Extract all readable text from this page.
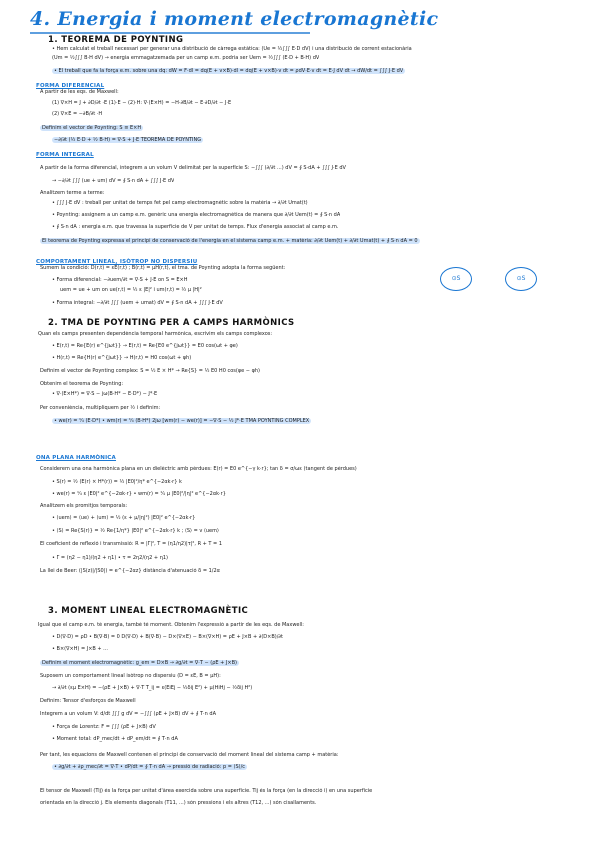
4. Energia i moment electromagnètic
1. TEOREMA DE POYNTING
• Hem calculat el treball necessari per generar una distribució de càrrega estàtica: (Ue = ½∫∫∫ E·D dV) i una distribució de corrent estacionària
(Um = ½∫∫∫ B·H dV) → energia emmagatzemada per un camp e.m. podria ser Uem = ½∫∫∫ (E·D + B·H) dV
• El treball que fa la força e.m. sobre una dq: dW = F·dl = dq(E + v×B)·dl = dq(E + v×B)·v dt = ρdV·E·v dt = E·J dV dt → dW/dt = ∫∫∫ J·E dV
A partir de les eqs. de Maxwell:
(1) ∇×H = J + ∂D/∂t ·E (1)·E − (2)·H: ∇·(E×H) = −H·∂B/∂t − E·∂D/∂t − J·E
(2) ∇×E = −∂B/∂t ·H
Definim el vector de Poynting: S ≡ E×H
−∂/∂t (½ E·D + ½ B·H) = ∇·S + J·E TEOREMA DE POYNTING
A partir de la forma diferencial, integrem a un volum V delimitat per la superfície S: −∫∫∫ (∂/∂t ...) dV = ∮ S·dA + ∫∫∫ J·E dV
→ −∂/∂t ∫∫∫ (ue + um) dV = ∮ S·n dA + ∫∫∫ J·E dV
Analitzem terme a terme:
• ∫∫∫ J·E dV : treball per unitat de temps fet pel camp electromagnètic sobre la matèria → ∂/∂t Umat(t)
• Poynting: assignem a un camp e.m. genèric una energia electromagnètica de manera que ∂/∂t Uem(t) = ∮ S·n dA
• ∮ S·n dA : energia e.m. que travessa la superfície de V per unitat de temps. Flux d'energia associat al camp e.m.
El teorema de Poynting expressa el principi de conservació de l'energia en el sistema camp e.m. + matèria: ∂/∂t Uem(t) + ∂/∂t Umat(t) + ∮ S·n dA = 0
Sumem la condició: D(r,t) = εE(r,t) ; B(r,t) = μH(r,t), el tma. de Poynting adopta la forma següent:
• Forma diferencial: −∂uem/∂t = ∇·S + J·E on S = E×H
uem = ue + um on ue(r,t) = ½ ε |E|² i um(r,t) = ½ μ |H|²
• Forma integral: −∂/∂t ∫∫∫ (uem + umat) dV = ∮ S·n dA + ∫∫∫ J·E dV
FORMA DIFERENCIAL
FORMA INTEGRAL
COMPORTAMENT LINEAL, ISÒTROP NO DISPERSIU
⊙S	⊙S
2. TMA DE POYNTING PER A CAMPS HARMÒNICS
Quan els camps presenten dependència temporal harmònica, escrivim els camps complexos:
• E(r,t) = Re{E(r) e^{jωt}} → E(r,t) = Re{E0 e^{jωt}} = E0 cos(ωt + φe)
• H(r,t) = Re{H(r) e^{jωt}} → H(r,t) = H0 cos(ωt + φh)
Definim el vector de Poynting complex: S = ½ E × H* → Re{S} = ½ E0 H0 cos(φe − φh)
Obtenim el teorema de Poynting:
• ∇·(E×H*) = ∇·S − jω(B·H* − E·D*) − J*·E
Per conveniència, multipliquem per ½ i definim:
• we(r) = ¼ (E·D*) • wm(r) = ¼ (B·H*) 2jω [wm(r) − we(r)] = −∇·S − ½ J*·E TMA POYNTING COMPLEX
Considerem una ona harmònica plana en un dielèctric amb pèrdues: E(r) = E0 e^{−γ k·r}; tan δ = σ/ωε (tangent de pèrdues)
• S(r) = ½ (E(r) × H*(r)) = ½ |E0|²/η* e^{−2αk·r} k
• we(r) = ¼ ε |E0|² e^{−2αk·r} • wm(r) = ¼ μ |E0|²/|η|² e^{−2αk·r}
Analitzem els promitjos temporals:
• ⟨uem⟩ = ⟨ue⟩ + ⟨um⟩ = ½ (ε + μ/|η|²) |E0|² e^{−2αk·r}
• ⟨S⟩ = Re{S(r)} = ½ Re{1/η*} |E0|² e^{−2αk·r} k ; ⟨S⟩ = v ⟨uem⟩
El coeficient de reflexió i transmissió: R = |Γ|², T = (η1/η2)|τ|², R + T = 1
• Γ = (η2 − η1)/(η2 + η1) • τ = 2η2/(η2 + η1)
La llei de Beer: (|S(z)|/|S0|) = e^{−2αz} distància d'atenuació δ = 1/2α
ONA PLANA HARMÒNICA
3. MOMENT LINEAL ELECTROMAGNÈTIC
Igual que el camp e.m. té energia, també té moment. Obtenim l'expressió a partir de les eqs. de Maxwell:
• D(∇·D) = ρD • B(∇·B) = 0 D(∇·D) + B(∇·B) − D×(∇×E) − B×(∇×H) = ρE + J×B + ∂(D×B)/∂t
• B×(∇×H) = J×B + ...
Definim el moment electromagnètic: g_em = D×B → ∂g/∂t = ∇·T − (ρE + J×B)
Suposem un comportament lineal isòtrop no dispersiu (D = εE, B = μH):
→ ∂/∂t (εμ E×H) = −(ρE + J×B) + ∇·T T_ij = ε(EiEj − ½δij E²) + μ(HiHj − ½δij H²)
Definim: Tensor d'esforços de Maxwell
Integrem a un volum V: d/dt ∫∫∫ g dV = −∫∫∫ (ρE + J×B) dV + ∮ T·n dA
• Força de Lorentz: F = ∫∫∫ (ρE + J×B) dV
• Moment total: dP_mec/dt + dP_em/dt = ∮ T·n dA
Per tant, les equacions de Maxwell contenen el principi de conservació del moment lineal del sistema camp + matèria:
• ∂g/∂t + ∂ρ_mec/∂t = ∇·T • dP/dt = ∮ T·n dA → pressió de radiació: p = ⟨S⟩/c
El tensor de Maxwell (Tij) és la força per unitat d'àrea exercida sobre una superfície. Tij és la força (en la direcció i) en una superfície
orientada en la direcció j. Els elements diagonals (T11, ...) són pressions i els altres (T12, ...) són cisallaments.
